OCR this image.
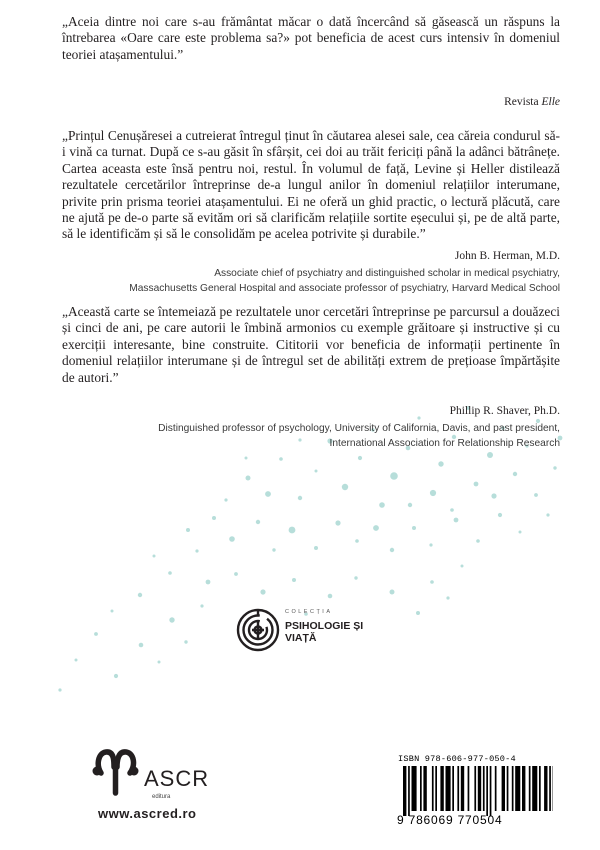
„Aceia dintre noi care s-au frământat măcar o dată încercând să găsească un răspuns la întrebarea «Oare care este problema sa?» pot beneficia de acest curs intensiv în domeniul teoriei atașamentului.”
Revista Elle
„Prințul Cenușăresei a cutreierat întregul ținut în căutarea alesei sale, cea căreia condurul să-i vină ca turnat. După ce s-au găsit în sfârșit, cei doi au trăit fericiți până la adânci bătrânețe. Cartea aceasta este însă pentru noi, restul. În volumul de față, Levine și Heller distilează rezultatele cercetărilor întreprinse de-a lungul anilor în domeniul relațiilor interumane, privite prin prisma teoriei atașamentului. Ei ne oferă un ghid practic, o lectură plăcută, care ne ajută pe de-o parte să evităm ori să clarificăm relațiile sortite eșecului și, pe de altă parte, să le identificăm și să le consolidăm pe acelea potrivite și durabile.”
John B. Herman, M.D.
Associate chief of psychiatry and distinguished scholar in medical psychiatry,
Massachusetts General Hospital and associate professor of psychiatry, Harvard Medical School
„Această carte se întemeiază pe rezultatele unor cercetări întreprinse pe parcursul a douăzeci și cinci de ani, pe care autorii le îmbină armonios cu exemple grăitoare și instructive și cu exerciții interesante, bine construite. Cititorii vor beneficia de informații pertinente în domeniul relațiilor interumane și de întregul set de abilități extrem de prețioase împărtășite de autori.”
Phillip R. Shaver, Ph.D.
Distinguished professor of psychology, University of California, Davis, and past president,
International Association for Relationship Research
COLECȚIA
PSIHOLOGIE ȘI
VIAȚĂ
ASCR
editura
www.ascred.ro
ISBN 978-606-977-050-4
9 786069 770504
